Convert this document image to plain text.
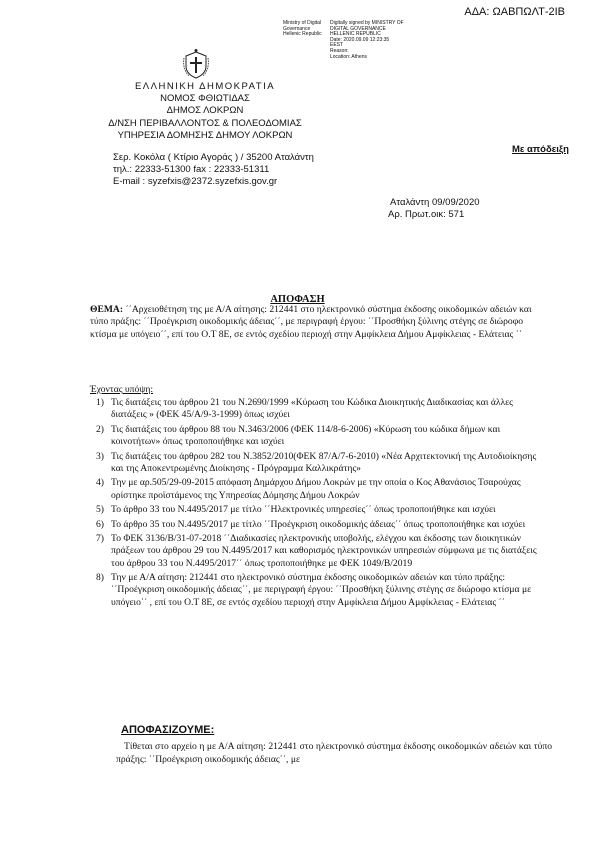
ΑΔΑ: ΩΑΒΠΩΛΤ-2ΙΒ
Ministry of Digital
Governance
Hellenic Republic
Digitally signed by MINISTRY OF
DIGITAL GOVERNANCE
HELLENIC REPUBLIC
Date: 2020.09.09 12:23:35
EEST
Reason:
Location: Athens
ΕΛΛΗΝΙΚΗ ΔΗΜΟΚΡΑΤΙΑ
ΝΟΜΟΣ ΦΘΙΩΤΙΔΑΣ
ΔΗΜΟΣ ΛΟΚΡΩΝ
Δ/ΝΣΗ ΠΕΡΙΒΑΛΛΟΝΤΟΣ & ΠΟΛΕΟΔΟΜΙΑΣ
ΥΠΗΡΕΣΙΑ ΔΟΜΗΣΗΣ ΔΗΜΟΥ ΛΟΚΡΩΝ
Σερ. Κοκόλα ( Κτίριο Αγοράς ) / 35200 Αταλάντη
τηλ.: 22333-51300 fax : 22333-51311
E-mail : syzefxis@2372.syzefxis.gov.gr
Με απόδειξη
Αταλάντη 09/09/2020
Αρ. Πρωτ.οικ: 571
ΑΠΟΦΑΣΗ
ΘΕΜΑ: ΄΄Αρχειοθέτηση της με Α/Α αίτησης: 212441 στο ηλεκτρονικό σύστημα έκδοσης οικοδομικών αδειών και τύπο πράξης: ΄΄Προέγκριση οικοδομικής άδειας΄΄, με περιγραφή έργου: ΄΄Προσθήκη ξύλινης στέγης σε διώροφο κτίσμα με υπόγειο΄΄, επί του Ο.Τ 8Ε, σε εντός σχεδίου περιοχή στην Αμφίκλεια Δήμου Αμφίκλειας - Ελάτειας ΄΄
Έχοντας υπόψη:
1) Τις διατάξεις του άρθρου 21 του Ν.2690/1999 «Κύρωση του Κώδικα Διοικητικής Διαδικασίας και άλλες διατάξεις » (ΦΕΚ 45/Α/9-3-1999) όπως ισχύει
2) Τις διατάξεις του άρθρου 88 του Ν.3463/2006 (ΦΕΚ 114/8-6-2006) «Κύρωση του κώδικα δήμων και κοινοτήτων» όπως τροποποιήθηκε και ισχύει
3) Τις διατάξεις του άρθρου 282 του Ν.3852/2010(ΦΕΚ 87/Α/7-6-2010) «Νέα Αρχιτεκτονική της Αυτοδιοίκησης και της Αποκεντρωμένης Διοίκησης - Πρόγραμμα Καλλικράτης»
4) Την με αρ.505/29-09-2015 απόφαση Δημάρχου Δήμου Λοκρών με την οποία ο Κος Αθανάσιος Τσαρούχας ορίστηκε προϊστάμενος της Υπηρεσίας Δόμησης Δήμου Λοκρών
5) Το άρθρο 33 του Ν.4495/2017 με τίτλο ΄΄Ηλεκτρονικές υπηρεσίες΄΄ όπως τροποποιήθηκε και ισχύει
6) Το άρθρο 35 του Ν.4495/2017 με τίτλο ΄΄Προέγκριση οικοδομικής άδειας΄΄ όπως τροποποιήθηκε και ισχύει
7) Το ΦΕΚ 3136/Β/31-07-2018 ΄΄Διαδικασίες ηλεκτρονικής υποβολής, ελέγχου και έκδοσης των διοικητικών πράξεων του άρθρου 29 του Ν.4495/2017 και καθορισμός ηλεκτρονικών υπηρεσιών σύμφωνα με τις διατάξεις του άρθρου 33 του Ν.4495/2017΄΄ όπως τροποποιήθηκε με ΦΕΚ 1049/Β/2019
8) Την με Α/Α αίτηση: 212441 στο ηλεκτρονικό σύστημα έκδοσης οικοδομικών αδειών και τύπο πράξης: ΄΄Προέγκριση οικοδομικής άδειας΄΄, με περιγραφή έργου: ΄΄Προσθήκη ξύλινης στέγης σε διώροφο κτίσμα με υπόγειο΄΄ , επί του Ο.Τ 8Ε, σε εντός σχεδίου περιοχή στην Αμφίκλεια Δήμου Αμφίκλειας - Ελάτειας ΄΄
ΑΠΟΦΑΣΙΖΟΥΜΕ:
Τίθεται στο αρχείο η με Α/Α αίτηση: 212441 στο ηλεκτρονικό σύστημα έκδοσης οικοδομικών αδειών και τύπο πράξης: ΄΄Προέγκριση οικοδομικής άδειας΄΄, με
